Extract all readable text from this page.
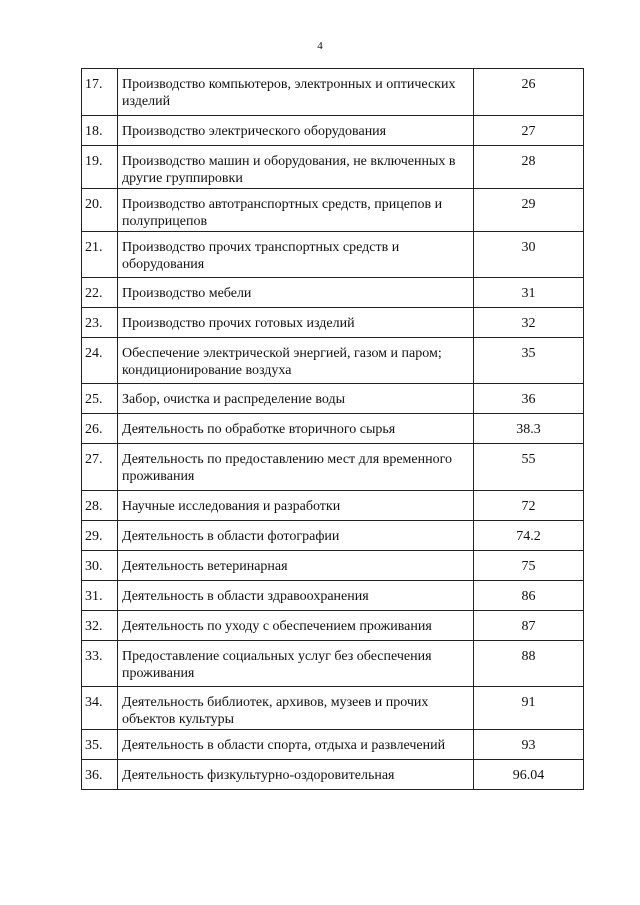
4
17.	Производство компьютеров, электронных и оптических изделий	26
18.	Производство электрического оборудования	27
19.	Производство машин и оборудования, не включенных в другие группировки	28
20.	Производство автотранспортных средств, прицепов и полуприцепов	29
21.	Производство прочих транспортных средств и оборудования	30
22.	Производство мебели	31
23.	Производство прочих готовых изделий	32
24.	Обеспечение электрической энергией, газом и паром; кондиционирование воздуха	35
25.	Забор, очистка и распределение воды	36
26.	Деятельность по обработке вторичного сырья	38.3
27.	Деятельность по предоставлению мест для временного проживания	55
28.	Научные исследования и разработки	72
29.	Деятельность в области фотографии	74.2
30.	Деятельность ветеринарная	75
31.	Деятельность в области здравоохранения	86
32.	Деятельность по уходу с обеспечением проживания	87
33.	Предоставление социальных услуг без обеспечения проживания	88
34.	Деятельность библиотек, архивов, музеев и прочих объектов культуры	91
35.	Деятельность в области спорта, отдыха и развлечений	93
36.	Деятельность физкультурно-оздоровительная	96.04
